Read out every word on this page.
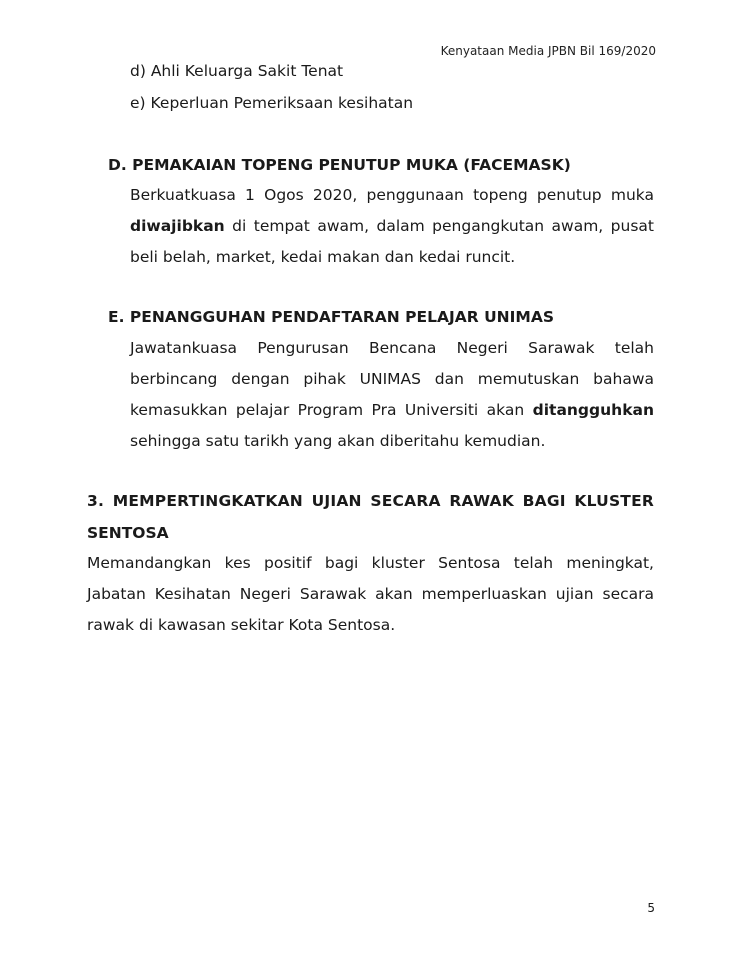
Kenyataan Media JPBN Bil 169/2020
d) Ahli Keluarga Sakit Tenat
e) Keperluan Pemeriksaan kesihatan
D. PEMAKAIAN TOPENG PENUTUP MUKA (FACEMASK)
Berkuatkuasa 1 Ogos 2020, penggunaan topeng penutup muka diwajibkan di tempat awam, dalam pengangkutan awam, pusat beli belah, market, kedai makan dan kedai runcit.
E. PENANGGUHAN PENDAFTARAN PELAJAR UNIMAS
Jawatankuasa Pengurusan Bencana Negeri Sarawak telah berbincang dengan pihak UNIMAS dan memutuskan bahawa kemasukkan pelajar Program Pra Universiti akan ditangguhkan sehingga satu tarikh yang akan diberitahu kemudian.
3. MEMPERTINGKATKAN UJIAN SECARA RAWAK BAGI KLUSTER
SENTOSA
Memandangkan kes positif bagi kluster Sentosa telah meningkat, Jabatan Kesihatan Negeri Sarawak akan memperluaskan ujian secara rawak di kawasan sekitar Kota Sentosa.
5
